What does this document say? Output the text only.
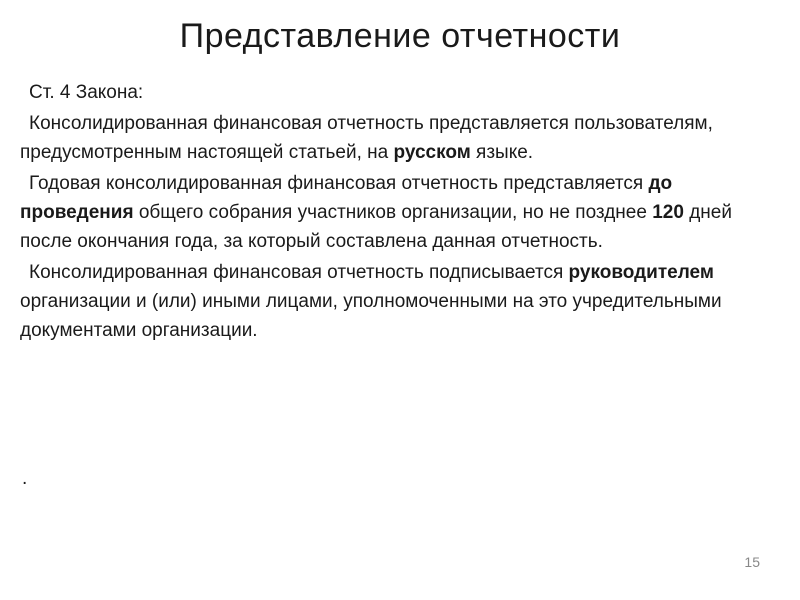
Представление отчетности

Ст. 4 Закона:

Консолидированная финансовая отчетность представляется пользователям, предусмотренным настоящей статьей, на русском языке.

Годовая консолидированная финансовая отчетность представляется до проведения общего собрания участников организации, но не позднее 120 дней после окончания года, за который составлена данная отчетность.

Консолидированная финансовая отчетность подписывается руководителем организации и (или) иными лицами, уполномоченными на это учредительными документами организации.

.
15
